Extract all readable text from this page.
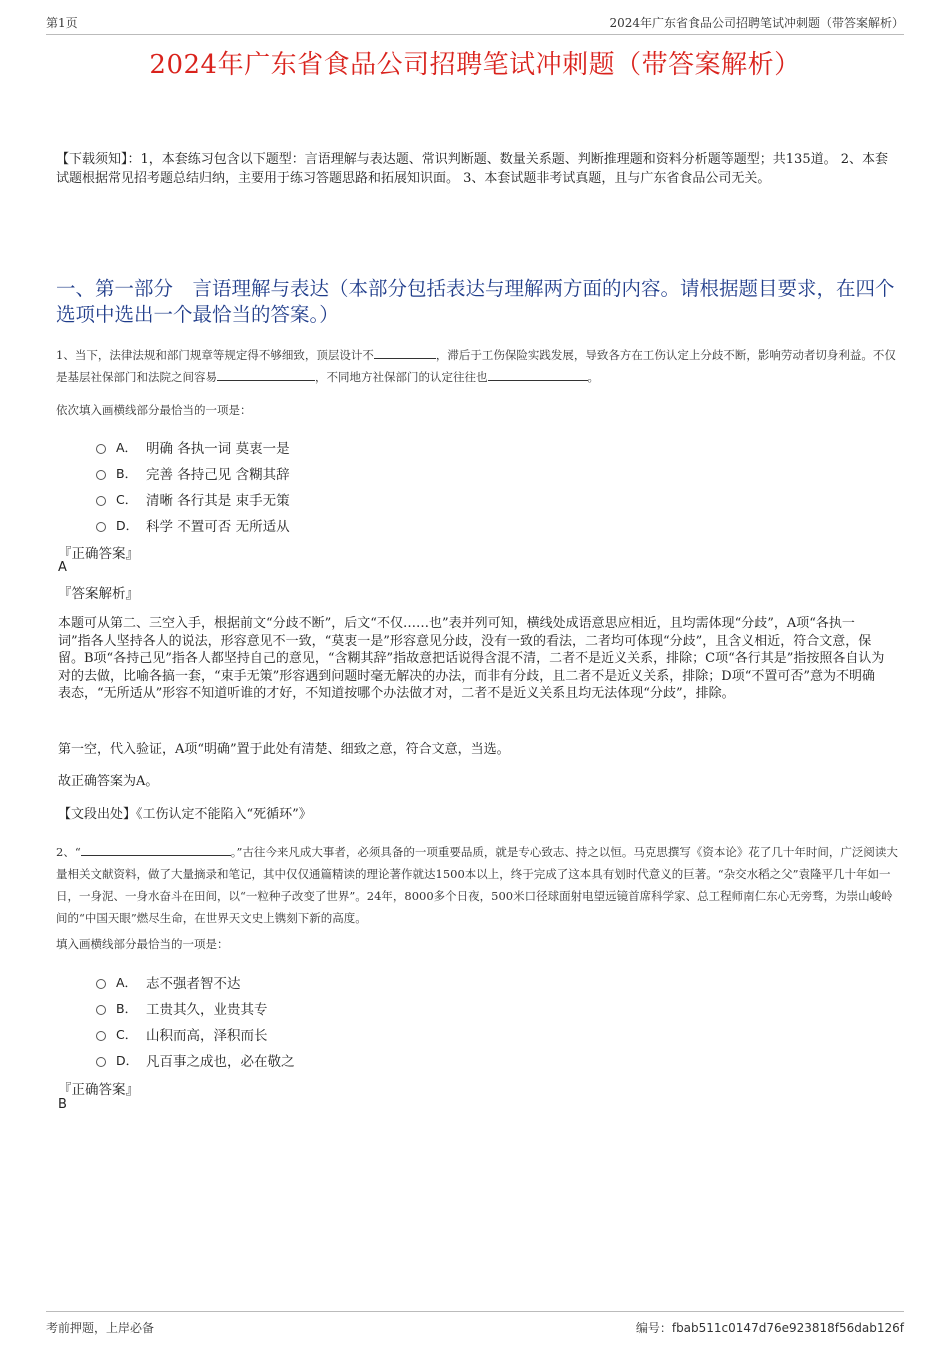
第1页	2024年广东省食品公司招聘笔试冲刺题（带答案解析）
2024年广东省食品公司招聘笔试冲刺题（带答案解析）
【下载须知】：1，本套练习包含以下题型：言语理解与表达题、常识判断题、数量关系题、判断推理题和资料分析题等题型；共135道。 2、本套试题根据常见招考题总结归纳，主要用于练习答题思路和拓展知识面。 3、本套试题非考试真题，且与广东省食品公司无关。
一、第一部分　言语理解与表达（本部分包括表达与理解两方面的内容。请根据题目要求，在四个选项中选出一个最恰当的答案。）
1、当下，法律法规和部门规章等规定得不够细致，顶层设计不	，滞后于工伤保险实践发展，导致各方在工伤认定上分歧不断，影响劳动者切身利益。不仅是基层社保部门和法院之间容易	，不同地方社保部门的认定往往也	。
依次填入画横线部分最恰当的一项是：
A． 明确 各执一词 莫衷一是
B． 完善 各持己见 含糊其辞
C． 清晰 各行其是 束手无策
D． 科学 不置可否 无所适从
『正确答案』
A
『答案解析』
本题可从第二、三空入手，根据前文“分歧不断”，后文“不仅……也”表并列可知，横线处成语意思应相近，且均需体现“分歧”，A项“各执一词”指各人坚持各人的说法，形容意见不一致，“莫衷一是”形容意见分歧，没有一致的看法，二者均可体现“分歧”，且含义相近，符合文意，保留。B项“各持己见”指各人都坚持自己的意见，“含糊其辞”指故意把话说得含混不清，二者不是近义关系，排除；C项“各行其是”指按照各自认为对的去做，比喻各搞一套，“束手无策”形容遇到问题时毫无解决的办法，而非有分歧，且二者不是近义关系，排除；D项“不置可否”意为不明确表态，“无所适从”形容不知道听谁的才好，不知道按哪个办法做才对，二者不是近义关系且均无法体现“分歧”，排除。
第一空，代入验证，A项“明确”置于此处有清楚、细致之意，符合文意，当选。
故正确答案为A。
【文段出处】《工伤认定不能陷入“死循环”》
2、“	。”古往今来凡成大事者，必须具备的一项重要品质，就是专心致志、持之以恒。马克思撰写《资本论》花了几十年时间，广泛阅读大量相关文献资料，做了大量摘录和笔记，其中仅仅通篇精读的理论著作就达1500本以上，终于完成了这本具有划时代意义的巨著。“杂交水稻之父”袁隆平几十年如一日，一身泥、一身水奋斗在田间，以“一粒种子改变了世界”。24年，8000多个日夜，500米口径球面射电望远镜首席科学家、总工程师南仁东心无旁骛，为崇山峻岭间的“中国天眼”燃尽生命，在世界天文史上镌刻下新的高度。
填入画横线部分最恰当的一项是：
A． 志不强者智不达
B． 工贵其久，业贵其专
C． 山积而高，泽积而长
D． 凡百事之成也，必在敬之
『正确答案』
B
考前押题，上岸必备	编号：fbab511c0147d76e923818f56dab126f
